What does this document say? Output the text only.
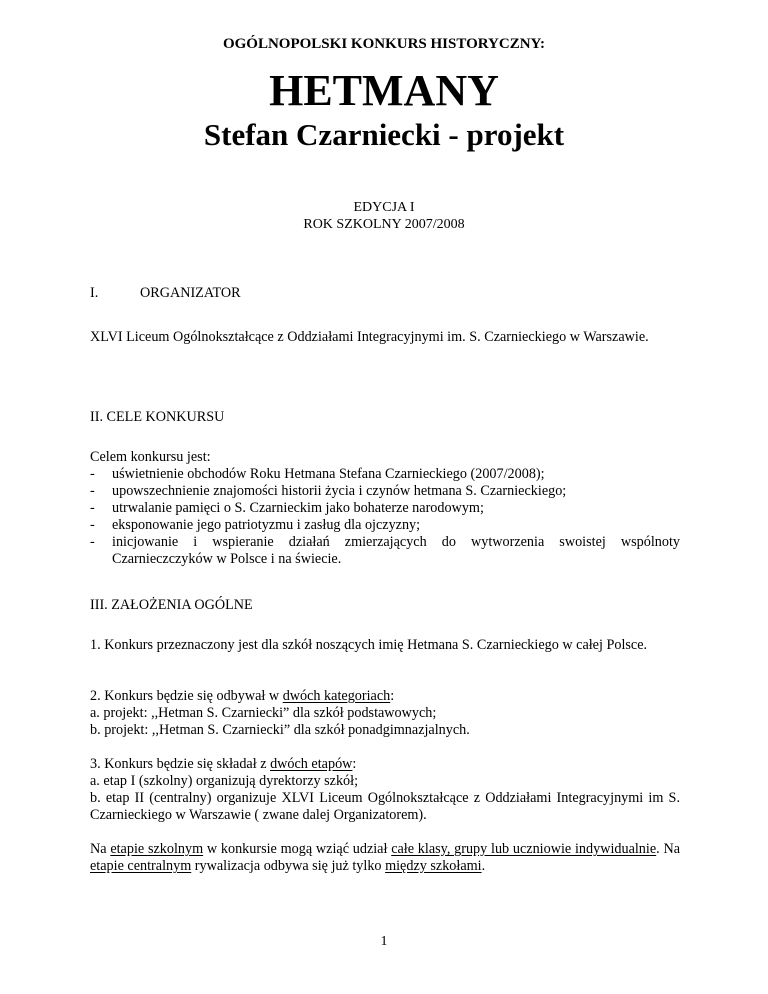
OGÓLNOPOLSKI KONKURS HISTORYCZNY:
HETMANY
Stefan Czarniecki - projekt
EDYCJA I
ROK SZKOLNY 2007/2008
I.	ORGANIZATOR
XLVI Liceum Ogólnokształcące z Oddziałami Integracyjnymi im. S. Czarnieckiego w Warszawie.
II. CELE KONKURSU
Celem konkursu jest:
-	uświetnienie obchodów Roku Hetmana Stefana Czarnieckiego (2007/2008);
-	upowszechnienie znajomości historii życia i czynów hetmana S. Czarnieckiego;
-	utrwalanie pamięci o S. Czarnieckim jako bohaterze narodowym;
-	eksponowanie jego patriotyzmu i zasług dla ojczyzny;
-	inicjowanie i wspieranie działań zmierzających do wytworzenia swoistej wspólnoty Czarnieczczyków w Polsce i na świecie.
III. ZAŁOŻENIA OGÓLNE
1. Konkurs przeznaczony jest dla szkół noszących imię Hetmana S. Czarnieckiego w całej Polsce.
2. Konkurs będzie się odbywał w dwóch kategoriach:
a. projekt: ,,Hetman S. Czarniecki” dla szkół podstawowych;
b. projekt: ,,Hetman S. Czarniecki” dla szkół ponadgimnazjalnych.
3. Konkurs będzie się składał z dwóch etapów:
a. etap I (szkolny) organizują dyrektorzy szkół;
b. etap II (centralny) organizuje XLVI Liceum Ogólnokształcące z Oddziałami Integracyjnymi im S. Czarnieckiego w Warszawie ( zwane dalej Organizatorem).
Na etapie szkolnym w konkursie mogą wziąć udział całe klasy, grupy lub uczniowie indywidualnie. Na etapie centralnym rywalizacja odbywa się już tylko między szkołami.
1
